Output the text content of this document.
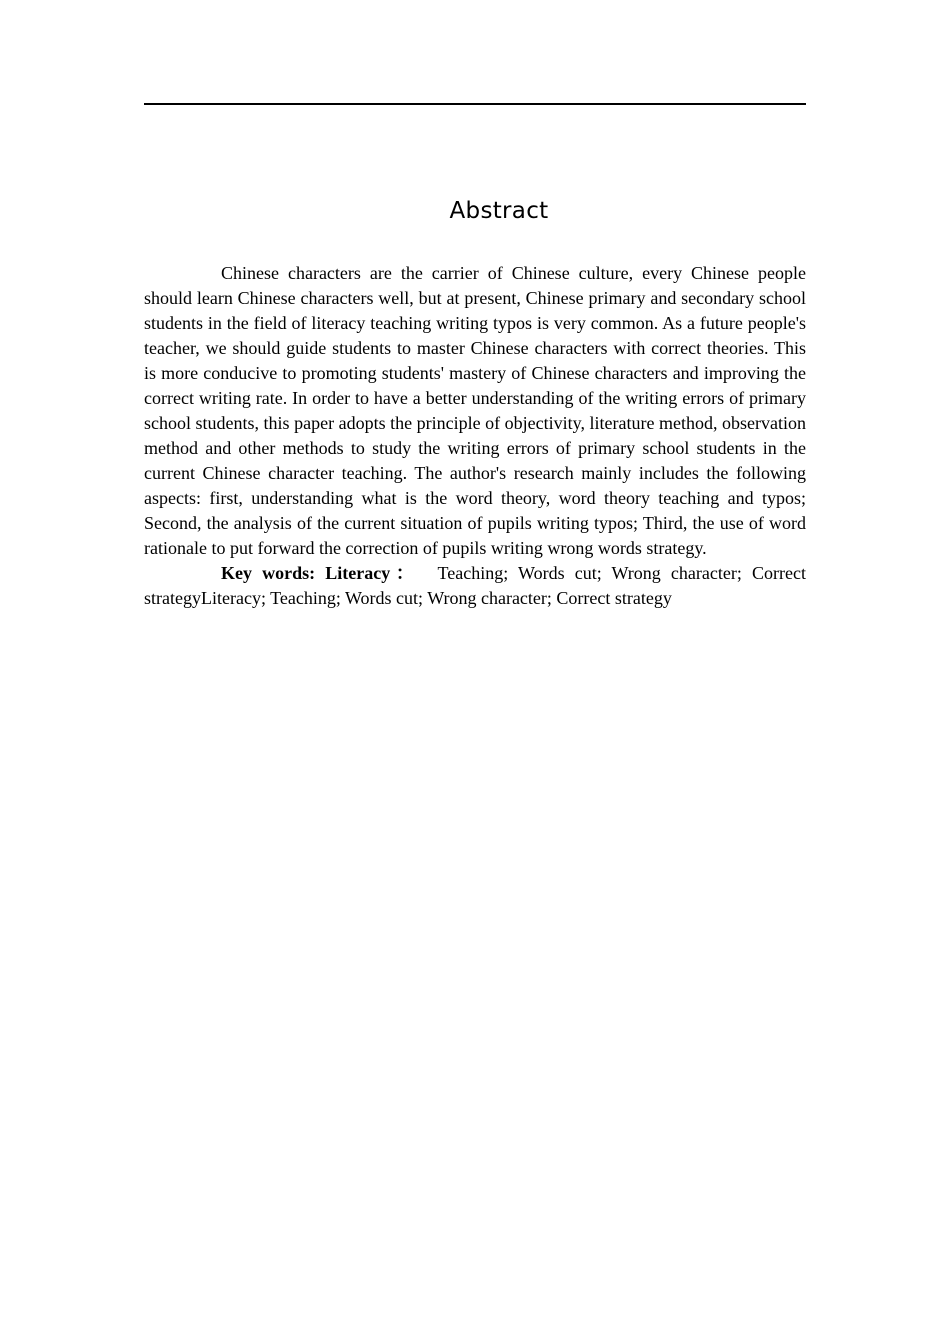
Abstract

Chinese characters are the carrier of Chinese culture, every Chinese people should learn Chinese characters well, but at present, Chinese primary and secondary school students in the field of literacy teaching writing typos is very common. As a future people's teacher, we should guide students to master Chinese characters with correct theories. This is more conducive to promoting students' mastery of Chinese characters and improving the correct writing rate. In order to have a better understanding of the writing errors of primary school students, this paper adopts the principle of objectivity, literature method, observation method and other methods to study the writing errors of primary school students in the current Chinese character teaching. The author's research mainly includes the following aspects: first, understanding what is the word theory, word theory teaching and typos; Second, the analysis of the current situation of pupils writing typos; Third, the use of word rationale to put forward the correction of pupils writing wrong words strategy.

Key words: Literacy： Teaching; Words cut; Wrong character; Correct strategyLiteracy; Teaching; Words cut; Wrong character; Correct strategy
